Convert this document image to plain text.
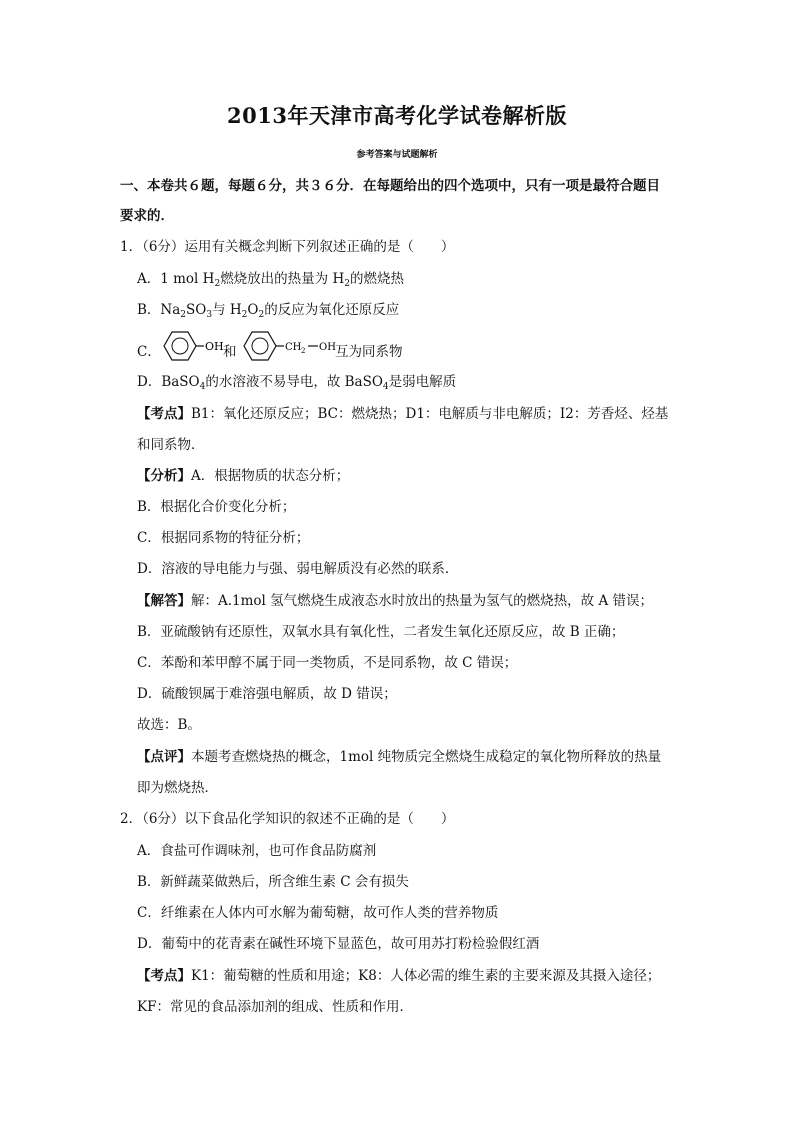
2013年天津市高考化学试卷解析版
参考答案与试题解析
一、本卷共６题，每题６分，共３６分．在每题给出的四个选项中，只有一项是最符合题目
要求的．
1．（6分）运用有关概念判断下列叙述正确的是（　　）
A．1 mol $H_2$燃烧放出的热量为 $H_2$的燃烧热
B．$Na_2SO_3$与 $H_2O_2$的反应为氧化还原反应
C．	OH 和	CH 2 OH 互为同系物
D．BaSO$_4$的水溶液不易导电，故 BaSO$_4$是弱电解质
【考点】B1：氧化还原反应；BC：燃烧热；D1：电解质与非电解质；I2：芳香烃、烃基
和同系物．
【分析】A．根据物质的状态分析；
B．根据化合价变化分析；
C．根据同系物的特征分析；
D．溶液的导电能力与强、弱电解质没有必然的联系．
【解答】解：A.1mol 氢气燃烧生成液态水时放出的热量为氢气的燃烧热，故 A 错误；
B．亚硫酸钠有还原性，双氧水具有氧化性，二者发生氧化还原反应，故 B 正确；
C．苯酚和苯甲醇不属于同一类物质，不是同系物，故 C 错误；
D．硫酸钡属于难溶强电解质，故 D 错误；
故选：B。
【点评】本题考查燃烧热的概念，1mol 纯物质完全燃烧生成稳定的氧化物所释放的热量
即为燃烧热．
2．（6分）以下食品化学知识的叙述不正确的是（　　）
A．食盐可作调味剂，也可作食品防腐剂
B．新鲜蔬菜做熟后，所含维生素 C 会有损失
C．纤维素在人体内可水解为葡萄糖，故可作人类的营养物质
D．葡萄中的花青素在碱性环境下显蓝色，故可用苏打粉检验假红酒
【考点】K1：葡萄糖的性质和用途；K8：人体必需的维生素的主要来源及其摄入途径；
KF：常见的食品添加剂的组成、性质和作用．
